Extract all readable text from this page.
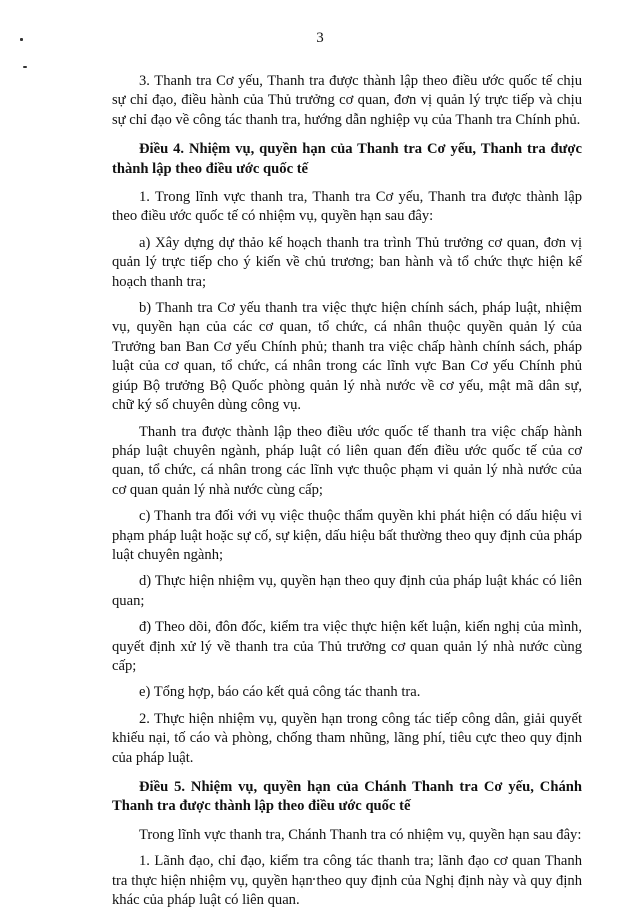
3

3. Thanh tra Cơ yếu, Thanh tra được thành lập theo điều ước quốc tế chịu sự chỉ đạo, điều hành của Thủ trưởng cơ quan, đơn vị quản lý trực tiếp và chịu sự chỉ đạo về công tác thanh tra, hướng dẫn nghiệp vụ của Thanh tra Chính phủ.

Điều 4. Nhiệm vụ, quyền hạn của Thanh tra Cơ yếu, Thanh tra được thành lập theo điều ước quốc tế

1. Trong lĩnh vực thanh tra, Thanh tra Cơ yếu, Thanh tra được thành lập theo điều ước quốc tế có nhiệm vụ, quyền hạn sau đây:

a) Xây dựng dự thảo kế hoạch thanh tra trình Thủ trưởng cơ quan, đơn vị quản lý trực tiếp cho ý kiến về chủ trương; ban hành và tổ chức thực hiện kế hoạch thanh tra;

b) Thanh tra Cơ yếu thanh tra việc thực hiện chính sách, pháp luật, nhiệm vụ, quyền hạn của các cơ quan, tổ chức, cá nhân thuộc quyền quản lý của Trưởng ban Ban Cơ yếu Chính phủ; thanh tra việc chấp hành chính sách, pháp luật của cơ quan, tổ chức, cá nhân trong các lĩnh vực Ban Cơ yếu Chính phủ giúp Bộ trưởng Bộ Quốc phòng quản lý nhà nước về cơ yếu, mật mã dân sự, chữ ký số chuyên dùng công vụ.

Thanh tra được thành lập theo điều ước quốc tế thanh tra việc chấp hành pháp luật chuyên ngành, pháp luật có liên quan đến điều ước quốc tế của cơ quan, tổ chức, cá nhân trong các lĩnh vực thuộc phạm vi quản lý nhà nước của cơ quan quản lý nhà nước cùng cấp;

c) Thanh tra đối với vụ việc thuộc thẩm quyền khi phát hiện có dấu hiệu vi phạm pháp luật hoặc sự cố, sự kiện, dấu hiệu bất thường theo quy định của pháp luật chuyên ngành;

d) Thực hiện nhiệm vụ, quyền hạn theo quy định của pháp luật khác có liên quan;

đ) Theo dõi, đôn đốc, kiểm tra việc thực hiện kết luận, kiến nghị của mình, quyết định xử lý về thanh tra của Thủ trưởng cơ quan quản lý nhà nước cùng cấp;

e) Tổng hợp, báo cáo kết quả công tác thanh tra.

2. Thực hiện nhiệm vụ, quyền hạn trong công tác tiếp công dân, giải quyết khiếu nại, tố cáo và phòng, chống tham nhũng, lãng phí, tiêu cực theo quy định của pháp luật.

Điều 5. Nhiệm vụ, quyền hạn của Chánh Thanh tra Cơ yếu, Chánh Thanh tra được thành lập theo điều ước quốc tế

Trong lĩnh vực thanh tra, Chánh Thanh tra có nhiệm vụ, quyền hạn sau đây:

1. Lãnh đạo, chỉ đạo, kiểm tra công tác thanh tra; lãnh đạo cơ quan Thanh tra thực hiện nhiệm vụ, quyền hạn theo quy định của Nghị định này và quy định khác của pháp luật có liên quan.
